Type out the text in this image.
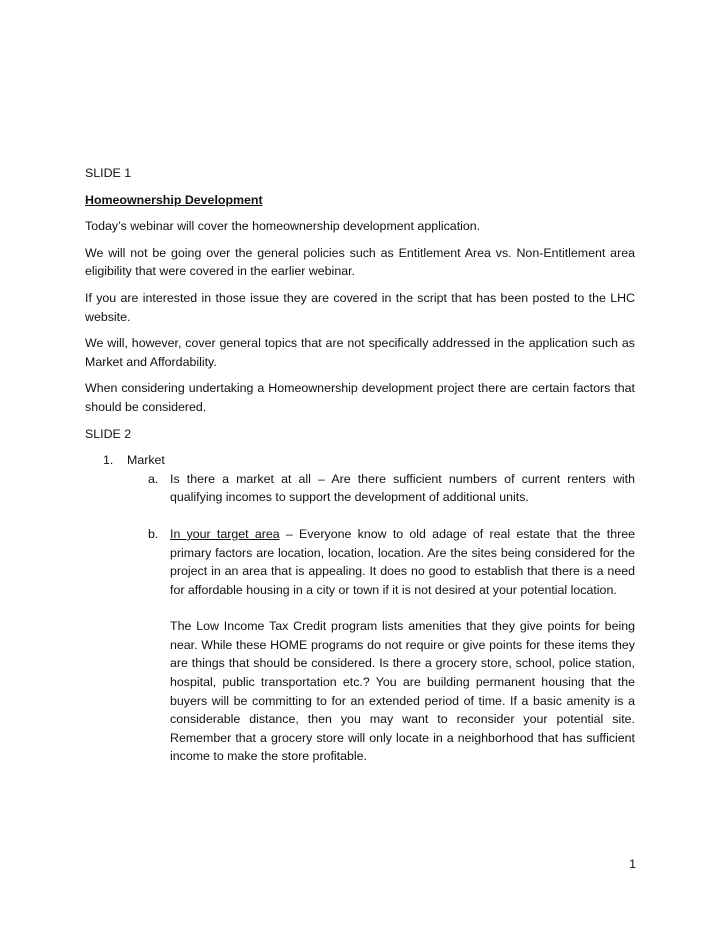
SLIDE 1

Homeownership Development

Today’s webinar will cover the homeownership development application.

We will not be going over the general policies such as Entitlement Area vs. Non-Entitlement area eligibility that were covered in the earlier webinar.

If you are interested in those issue they are covered in the script that has been posted to the LHC website.

We will, however, cover general topics that are not specifically addressed in the application such as Market and Affordability.

When considering undertaking a Homeownership development project there are certain factors that should be considered.

SLIDE 2

1. Market
a. Is there a market at all – Are there sufficient numbers of current renters with qualifying incomes to support the development of additional units.
b. In your target area – Everyone know to old adage of real estate that the three primary factors are location, location, location. Are the sites being considered for the project in an area that is appealing. It does no good to establish that there is a need for affordable housing in a city or town if it is not desired at your potential location.
The Low Income Tax Credit program lists amenities that they give points for being near. While these HOME programs do not require or give points for these items they are things that should be considered. Is there a grocery store, school, police station, hospital, public transportation etc.? You are building permanent housing that the buyers will be committing to for an extended period of time. If a basic amenity is a considerable distance, then you may want to reconsider your potential site. Remember that a grocery store will only locate in a neighborhood that has sufficient income to make the store profitable.
1
